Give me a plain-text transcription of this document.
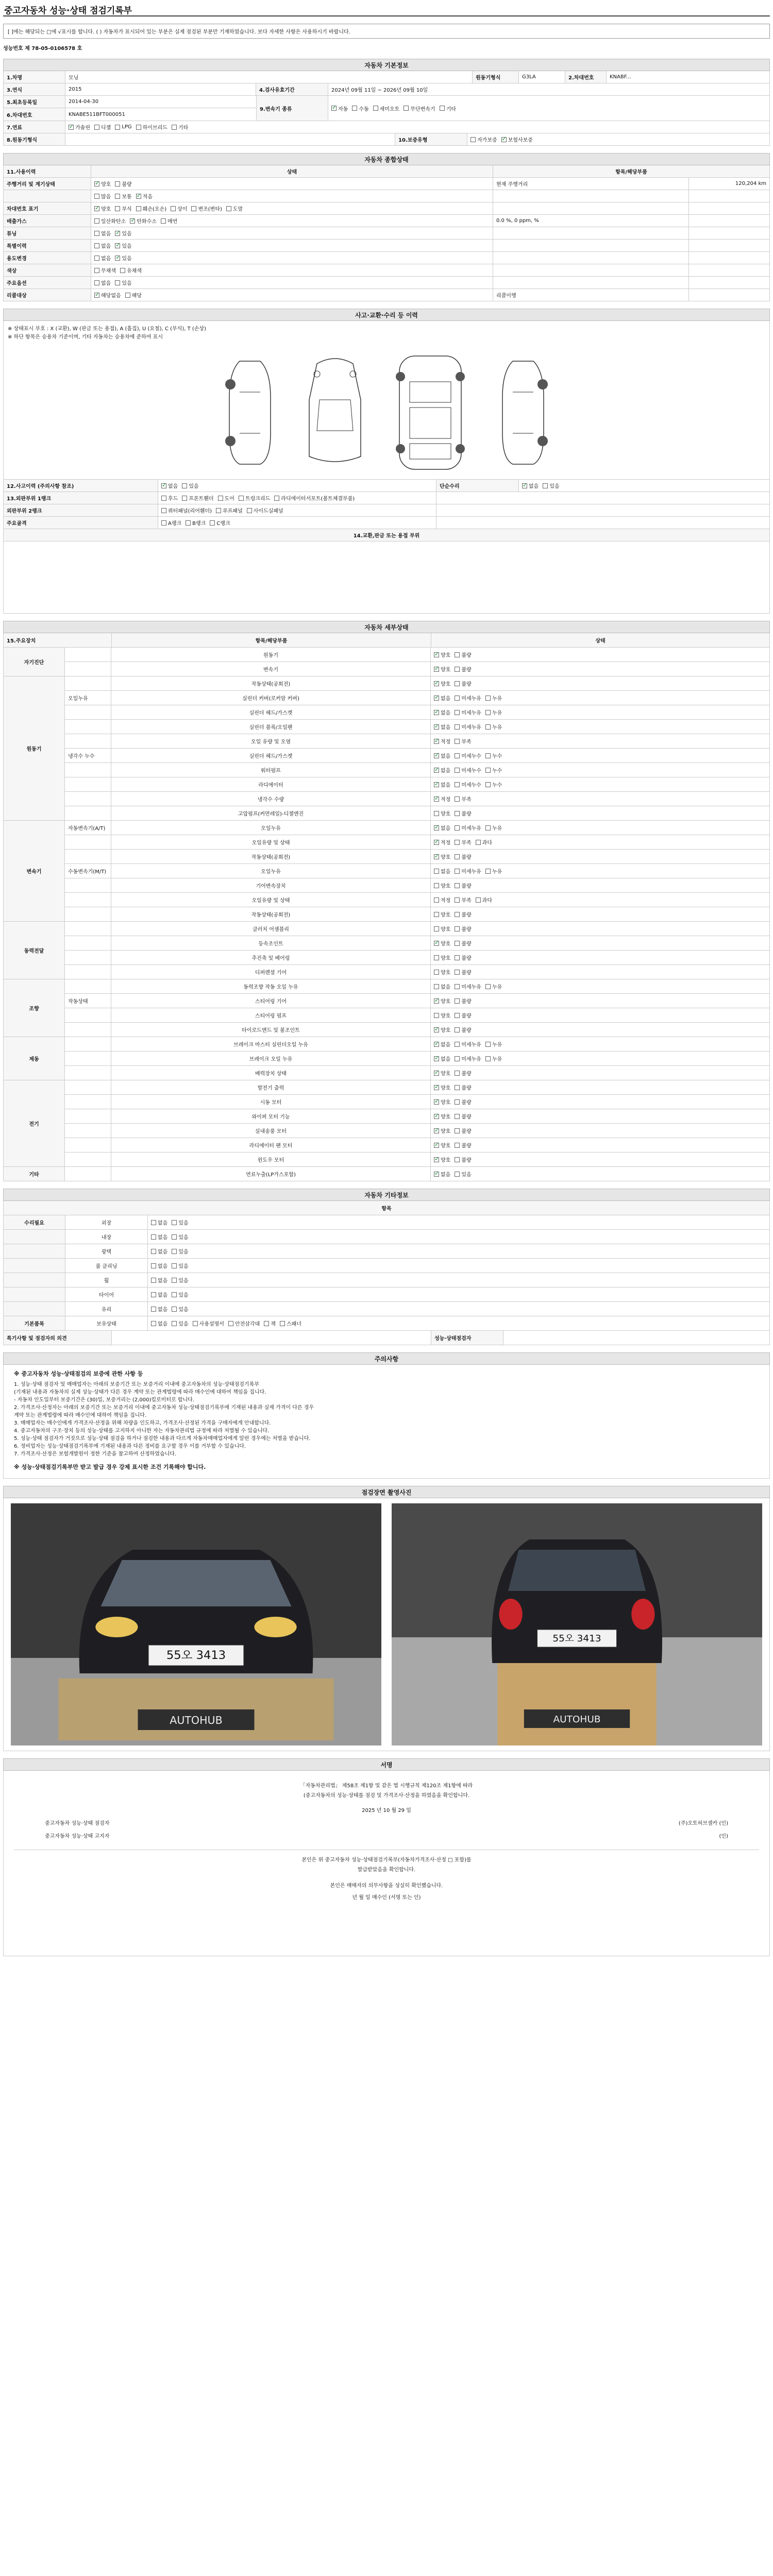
중고자동차 성능·상태 점검기록부
[ ]에는 해당되는 □에 √표시를 합니다. ( ) 자동차가 표시되어 있는 부분은 실제 점검된 부분만 기재하였습니다. 보다 자세한 사항은 사용하시기 바랍니다.
성능번호 제 78-05-0106578 호
자동차 기본정보
1.차명	모닝	원동기형식	G3LA	2.차대번호	KNABF...
3.연식	2015	4.검사유효기간	2024년 09월 11일 ~ 2026년 09월 10일
5.최초등록일	2014-04-30
6.차대번호	KNABE511BFT000051
9.변속기 종류 ✓	자동 수동 세미오토 무단변속기 기타
7.연료 ✓	가솔린 디젤 LPG 하이브리드 기타
8.원동기형식	10.보증유형	자가보증 ✓ 보험사보증
자동차 종합상태
11.사용이력	상태	항목/해당부품
주행거리 및 계기상태 ✓	양호 불량	현재 주행거리	120,204 km
많음 보통 ✓ 적음
차대번호 표기 ✓	양호 부식 훼손(오손) 상이 변조(변타) 도말
배출가스	일산화탄소 ✓ 탄화수소 매연	0.0 %, 0 ppm, %
튜닝	없음 ✓ 있음
특별이력	없음 ✓ 있음
용도변경	없음 ✓ 있음
색상	무채색 유채색
주요옵션	없음 있음
리콜대상 ✓	해당없음 해당	리콜이행
사고·교환·수리 등 이력
※ 상태표시 부호 : X (교환), W (판금 또는 용접), A (흠집), U (요철), C (부식), T (손상)
※ 하단 항목은 승용차 기준이며, 기타 자동차는 승용차에 준하여 표시
12.사고이력 (주의사항 참조) ✓	없음 있음	단순수리 ✓	없음 있음
13.외판부위 1랭크	후드 프론트휀더 도어 트렁크리드 라디에이터서포트(볼트체결부품)
외판부위 2랭크	쿼터패널(리어휀더) 루프패널 사이드실패널
주요골격	A랭크 B랭크 C랭크
14.교환,판금 또는 용접 부위
자동차 세부상태
15.주요장치	항목/해당부품	상태
자기진단
원동기 ✓	양호 불량
변속기 ✓	양호 불량
원동기
작동상태(공회전) ✓	양호 불량
오일누유	실린더 커버(로커암 커버) ✓	없음 미세누유 누유
실린더 헤드/가스켓 ✓	없음 미세누유 누유
실린더 블록/오일팬 ✓	없음 미세누유 누유
오일 유량 및 오염 ✓	적정 부족
냉각수 누수	실린더 헤드/가스켓 ✓	없음 미세누수 누수
워터펌프 ✓	없음 미세누수 누수
라디에이터 ✓	없음 미세누수 누수
냉각수 수량 ✓	적정 부족
고압펌프(커먼레일)-디젤엔진	양호 불량
변속기
자동변속기(A/T)	오일누유 ✓	없음 미세누유 누유
오일유량 및 상태 ✓	적정 부족 과다
작동상태(공회전) ✓	양호 불량
수동변속기(M/T)	오일누유	없음 미세누유 누유
기어변속장치	양호 불량
오일유량 및 상태	적정 부족 과다
작동상태(공회전)	양호 불량
동력전달
클러치 어셈블리	양호 불량
등속조인트 ✓	양호 불량
추진축 및 베어링	양호 불량
디퍼렌셜 기어	양호 불량
조향
동력조향 작동 오일 누유	없음 미세누유 누유
작동상태	스티어링 기어 ✓	양호 불량
스티어링 펌프	양호 불량
타이로드엔드 및 볼조인트 ✓	양호 불량
제동
브레이크 마스터 실린더오일 누유 ✓	없음 미세누유 누유
브레이크 오일 누유 ✓	없음 미세누유 누유
배력장치 상태 ✓	양호 불량
전기
발전기 출력 ✓	양호 불량
시동 모터 ✓	양호 불량
와이퍼 모터 기능 ✓	양호 불량
실내송풍 모터 ✓	양호 불량
라디에이터 팬 모터 ✓	양호 불량
윈도우 모터 ✓	양호 불량
기타	연료누출(LP가스포함) ✓	없음 있음
자동차 기타정보
항목
수리필요	외장	없음 있음
내장	없음 있음
광택	없음 있음
룸 클리닝	없음 있음
휠	없음 있음
타이어	없음 있음
유리	없음 있음
기본품목	보유상태	없음 있음 사용설명서 안전삼각대 잭 스패너
특기사항 및 점검자의 의견	성능·상태점검자
주의사항
※ 중고자동차 성능·상태점검의 보증에 관한 사항 등
1. 성능·상태 점검자 및 매매업자는 아래의 보증기간 또는 보증거리 이내에 중고자동차의 성능·상태점검기록부
(기재된 내용과 자동차의 실제 성능·상태가 다른 경우 계약 또는 관계법령에 따라 매수인에 대하여 책임을 집니다.
- 자동차 인도일부터 보증기간은 (30)일, 보증거리는 (2,000)킬로미터로 합니다.
2. 가격조사·산정자는 아래의 보증기간 또는 보증거리 이내에 중고자동차 성능·상태점검기록부에 기재된 내용과 실제 가격이 다른 경우
계약 또는 관계법령에 따라 매수인에 대하여 책임을 집니다.
3. 매매업자는 매수인에게 가격조사·산정을 위해 차량을 인도하고, 가격조사·산정된 가격을 구매자에게 안내합니다.
4. 중고자동차의 구조·장치 등의 성능·상태를 고지하지 아니한 자는 자동차관리법 규정에 따라 처벌될 수 있습니다.
5. 성능·상태 점검자가 거짓으로 성능·상태 점검을 하거나 점검한 내용과 다르게 자동차매매업자에게 알린 경우에는 처벌을 받습니다.
6. 정비업자는 성능·상태점검기록부에 기재된 내용과 다른 정비를 요구할 경우 이를 거부할 수 있습니다.
7. 가격조사·산정은 보험개발원이 정한 기준을 참고하여 산정하였습니다.
※ 성능·상태점검기록부만 받고 발급 경우 강제 표시한 조건 기록해야 합니다.
점검장면 촬영사진
55오 3413
AUTOHUB
55오 3413
AUTOHUB
서명
「자동차관리법」 제58조 제1항 및 같은 법 시행규칙 제120조 제1항에 따라
(중고자동차의 성능·상태를 점검 및 가격조사·산정을 하였음을 확인합니다.
2025 년 10 월 29 일
중고자동차 성능·상태 점검자	(주)오토허브셀카 (인)
중고자동차 성능·상태 고지자	(인)
본인은 위 중고자동차 성능·상태점검기록부(자동차가격조사·산정 □ 포함)를
발급받았음을 확인합니다.
본인은 매매자의 의무사항을 성실히 확인했습니다.
년 월 일 매수인 (서명 또는 인)
